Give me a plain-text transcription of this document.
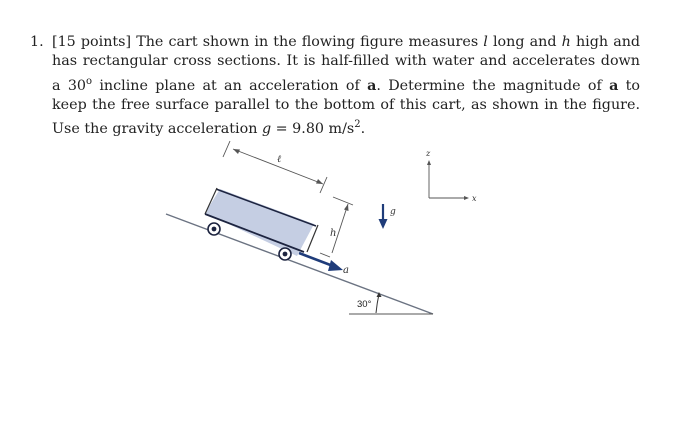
1. [15 points] The cart shown in the flowing figure measures l long and h high and has rectangular cross sections. It is half-filled with water and accelerates down a 30$^o$ incline plane at an acceleration of a. Determine the magnitude of a to keep the free surface parallel to the bottom of this cart, as shown in the figure. Use the gravity acceleration g = 9.80 $m/s^2$.
ℓ
h
a
g
z
x
30°
